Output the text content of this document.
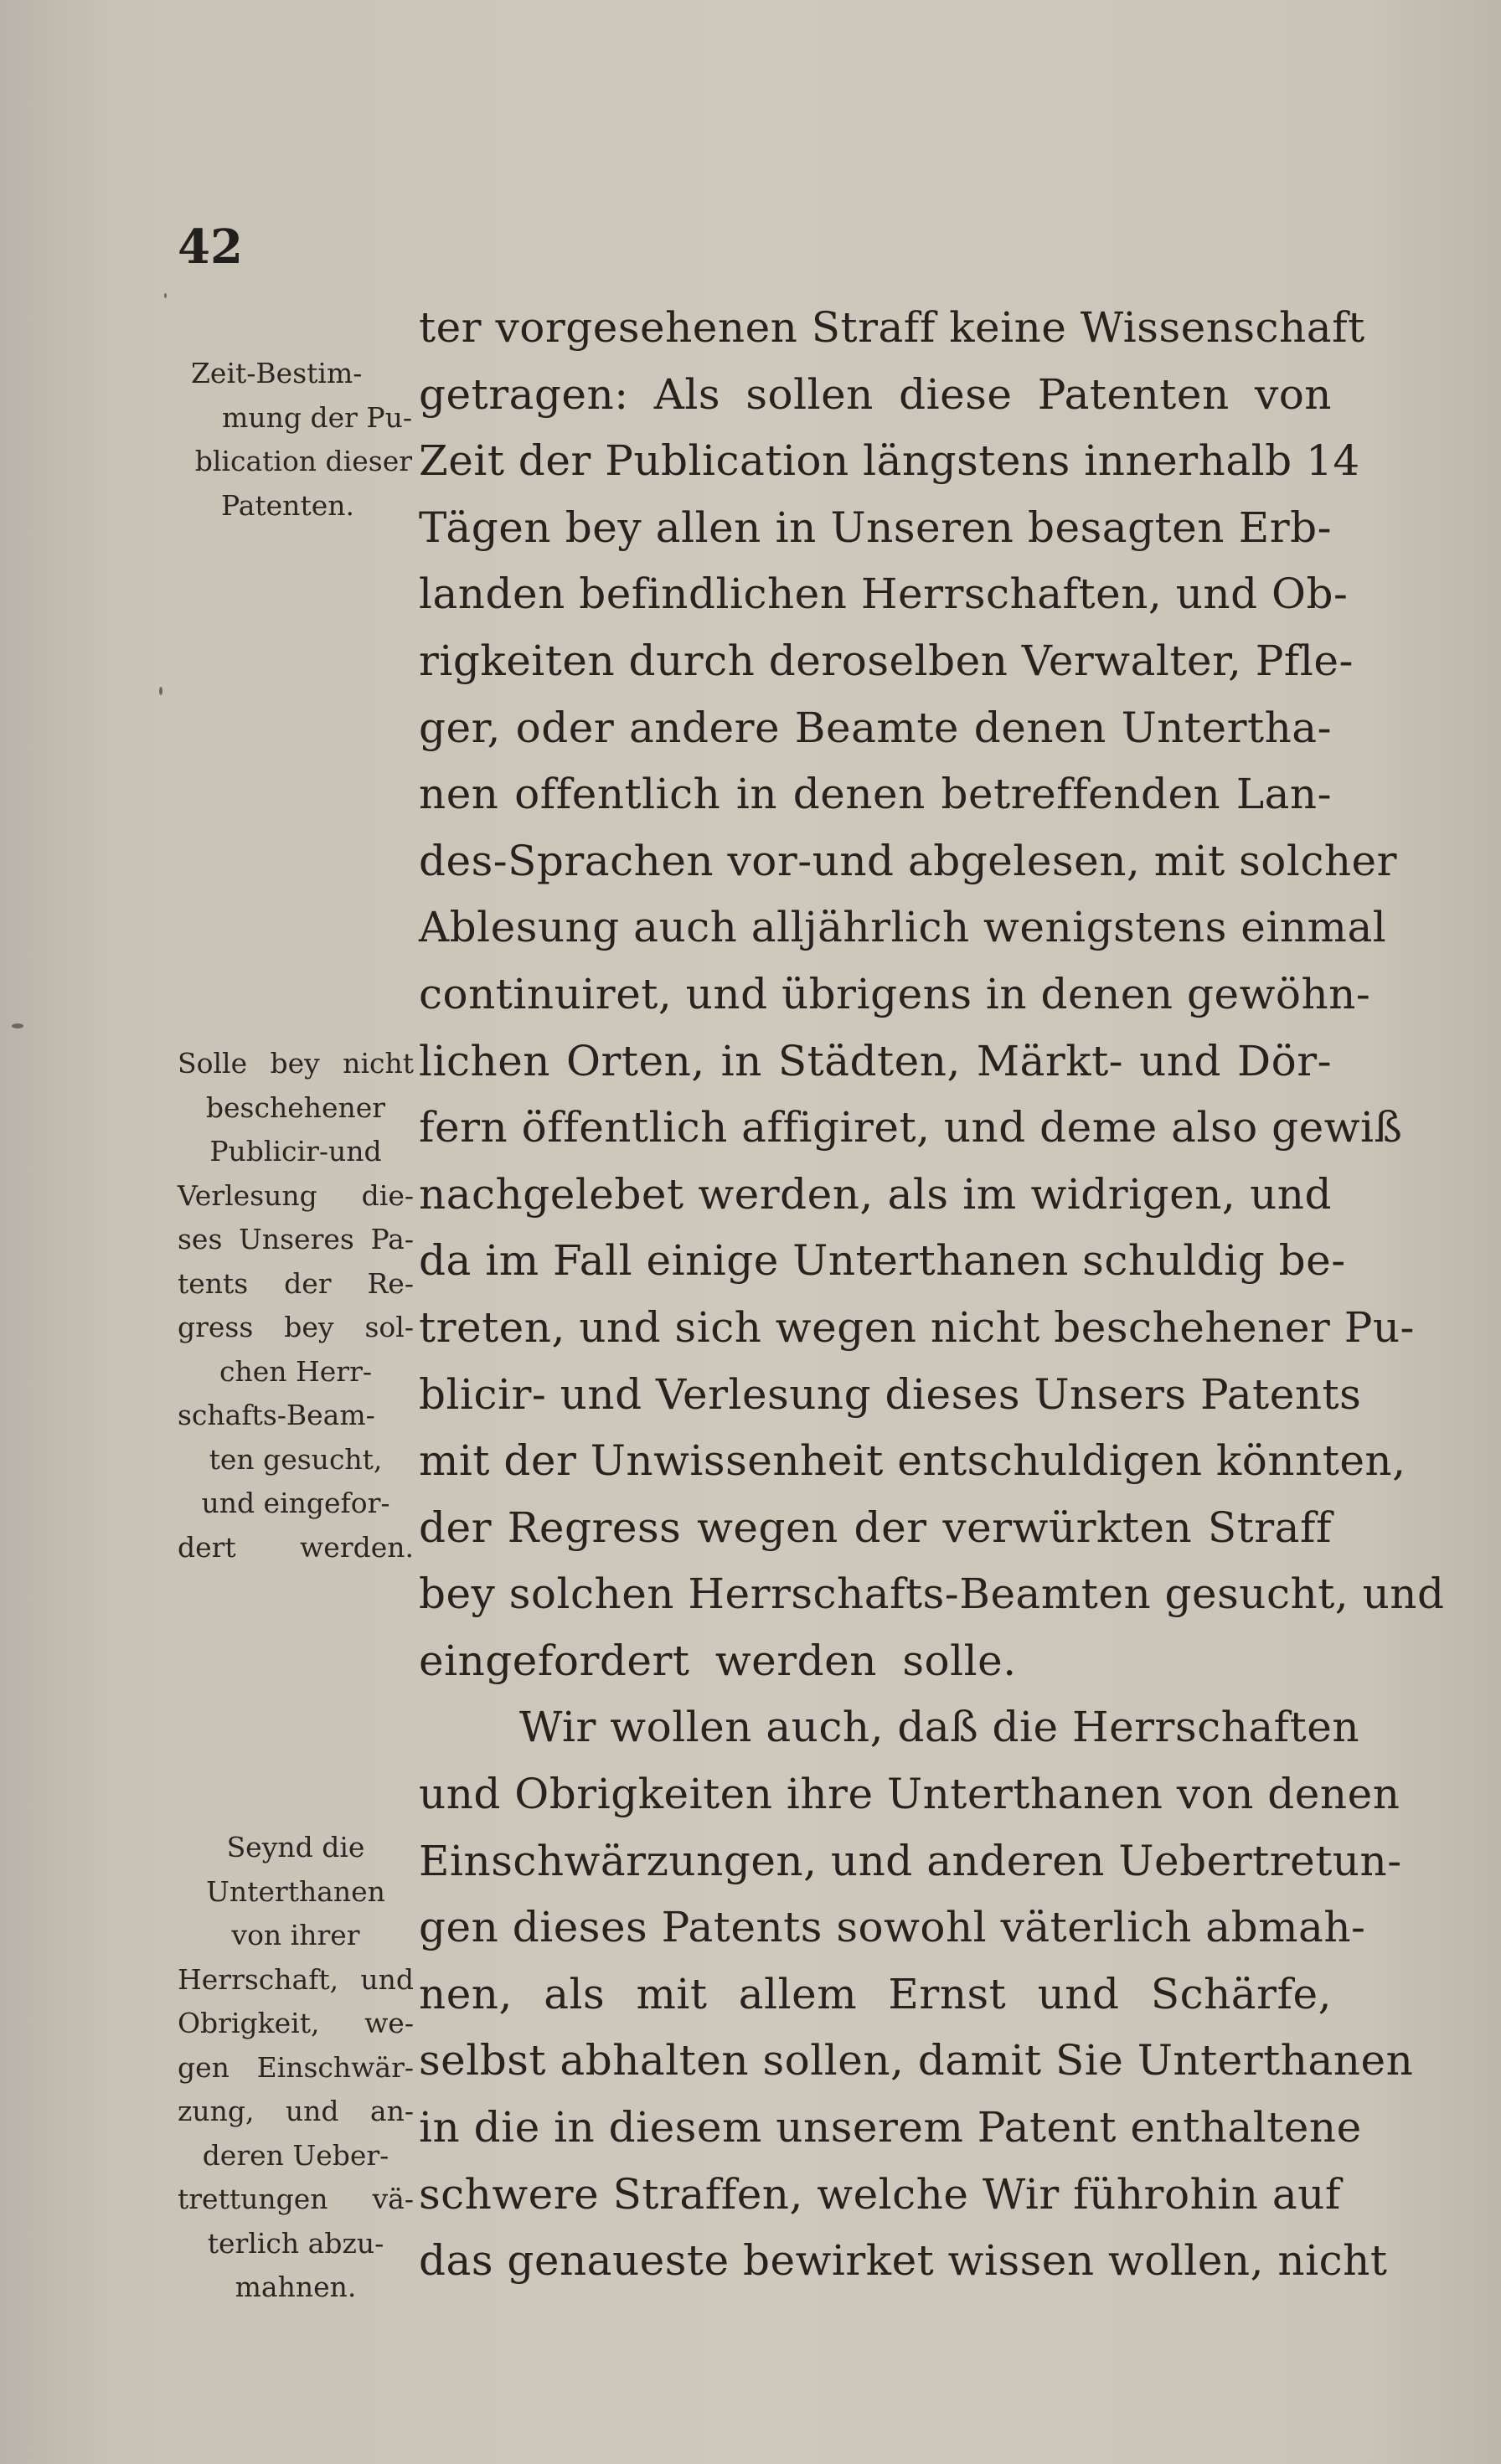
42
Zeit-Bestim-
mung der Pu-
blication dieser
Patenten.
Solle bey nicht
beschehener
Publicir-und
Verlesung die-
ses Unseres Pa-
tents der Re-
gress bey sol-
chen Herr-
schafts-Beam-
ten gesucht,
und eingefor-
dert werden.
Seynd die
Unterthanen
von ihrer
Herrschaft, und
Obrigkeit, we-
gen Einschwär-
zung, und an-
deren Ueber-
trettungen vä-
terlich abzu-
mahnen.
ter vorgesehenen Straff keine Wissenschaft
getragen: Als sollen diese Patenten von
Zeit der Publication längstens innerhalb 14
Tägen bey allen in Unseren besagten Erb-
landen befindlichen Herrschaften, und Ob-
rigkeiten durch deroselben Verwalter, Pfle-
ger, oder andere Beamte denen Untertha-
nen offentlich in denen betreffenden Lan-
des-Sprachen vor-und abgelesen, mit solcher
Ablesung auch alljährlich wenigstens einmal
continuiret, und übrigens in denen gewöhn-
lichen Orten, in Städten, Märkt- und Dör-
fern öffentlich affigiret, und deme also gewiß
nachgelebet werden, als im widrigen, und
da im Fall einige Unterthanen schuldig be-
treten, und sich wegen nicht beschehener Pu-
blicir- und Verlesung dieses Unsers Patents
mit der Unwissenheit entschuldigen könnten,
der Regress wegen der verwürkten Straff
bey solchen Herrschafts-Beamten gesucht, und
eingefordert werden solle.
Wir wollen auch, daß die Herrschaften
und Obrigkeiten ihre Unterthanen von denen
Einschwärzungen, und anderen Uebertretun-
gen dieses Patents sowohl väterlich abmah-
nen, als mit allem Ernst und Schärfe,
selbst abhalten sollen, damit Sie Unterthanen
in die in diesem unserem Patent enthaltene
schwere Straffen, welche Wir führohin auf
das genaueste bewirket wissen wollen, nicht
